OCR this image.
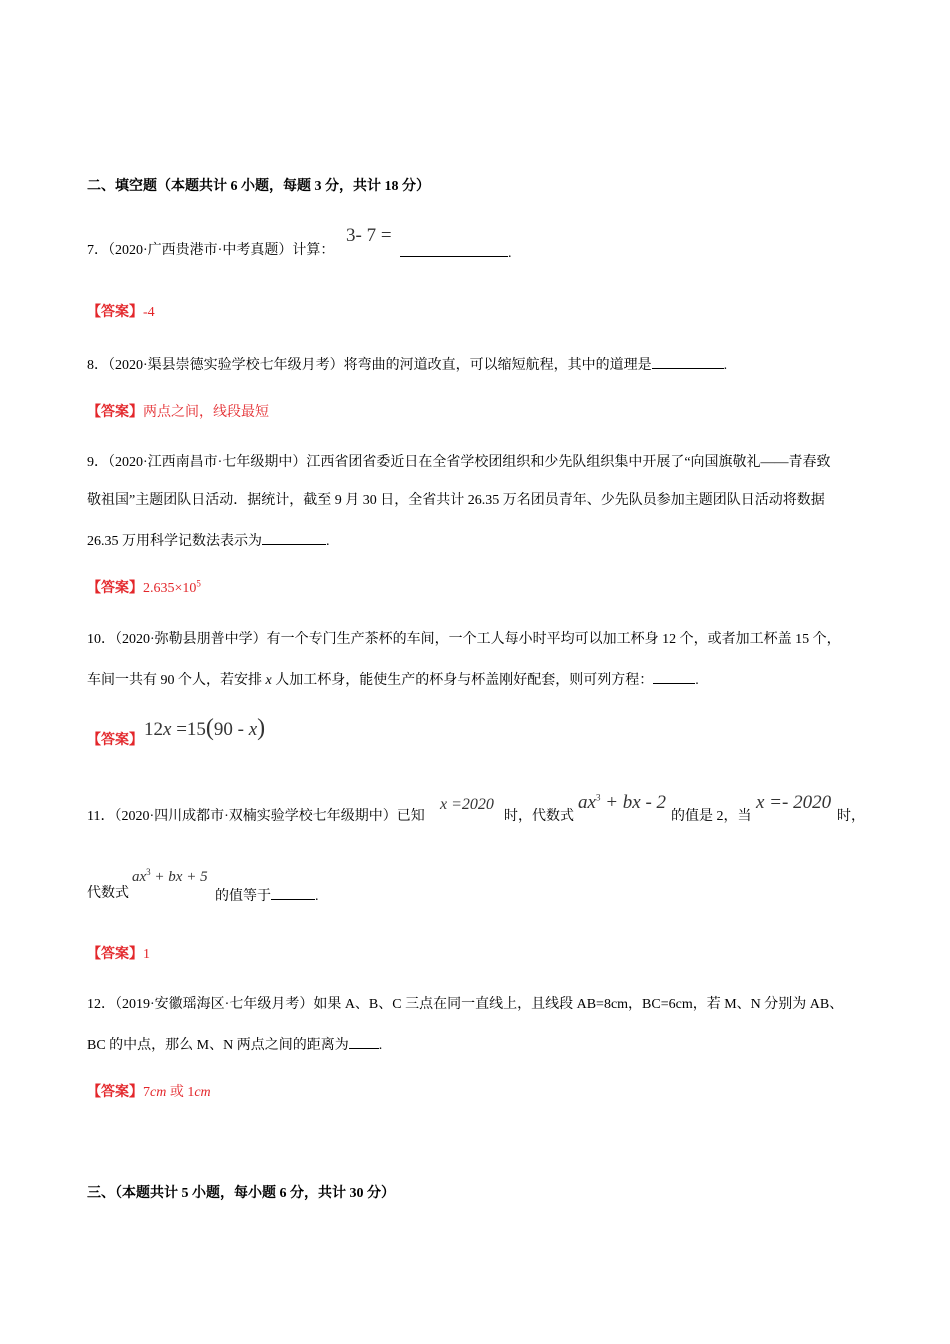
二、填空题（本题共计 6 小题，每题 3 分，共计 18 分）
7．（2020·广西贵港市·中考真题）计算：
3- 7 =
.
【答案】-4
8．（2020·渠县崇德实验学校七年级月考）将弯曲的河道改直，可以缩短航程，其中的道理是	.
【答案】两点之间，线段最短
9．（2020·江西南昌市·七年级期中）江西省团省委近日在全省学校团组织和少先队组织集中开展了“向国旗敬礼——青春致
敬祖国”主题团队日活动．据统计，截至 9 月 30 日，全省共计 26.35 万名团员青年、少先队员参加主题团队日活动将数据
26.35 万用科学记数法表示为	.
【答案】$2.635\times 10^5$
10．（2020·弥勒县朋普中学）有一个专门生产茶杯的车间，一个工人每小时平均可以加工杯身 12 个，或者加工杯盖 15 个，
车间一共有 90 个人，若安排 x 人加工杯身，能使生产的杯身与杯盖刚好配套，则可列方程：	.
【答案】
12x =15(90 - x)
11．（2020·四川成都市·双楠实验学校七年级期中）已知
x =2020
时，代数式
$ax^3$ + bx - 2
的值是 2，当
x =- 2020
时，
代数式
$ax^3$ + bx + 5
的值等于	.
【答案】1
12．（2019·安徽瑶海区·七年级月考）如果 A、B、C 三点在同一直线上，且线段 AB=8cm，BC=6cm，若 M、N 分别为 AB、
BC 的中点，那么 M、N 两点之间的距离为 .
【答案】7cm 或 1cm
三、（本题共计 5 小题，每小题 6 分，共计 30 分）
